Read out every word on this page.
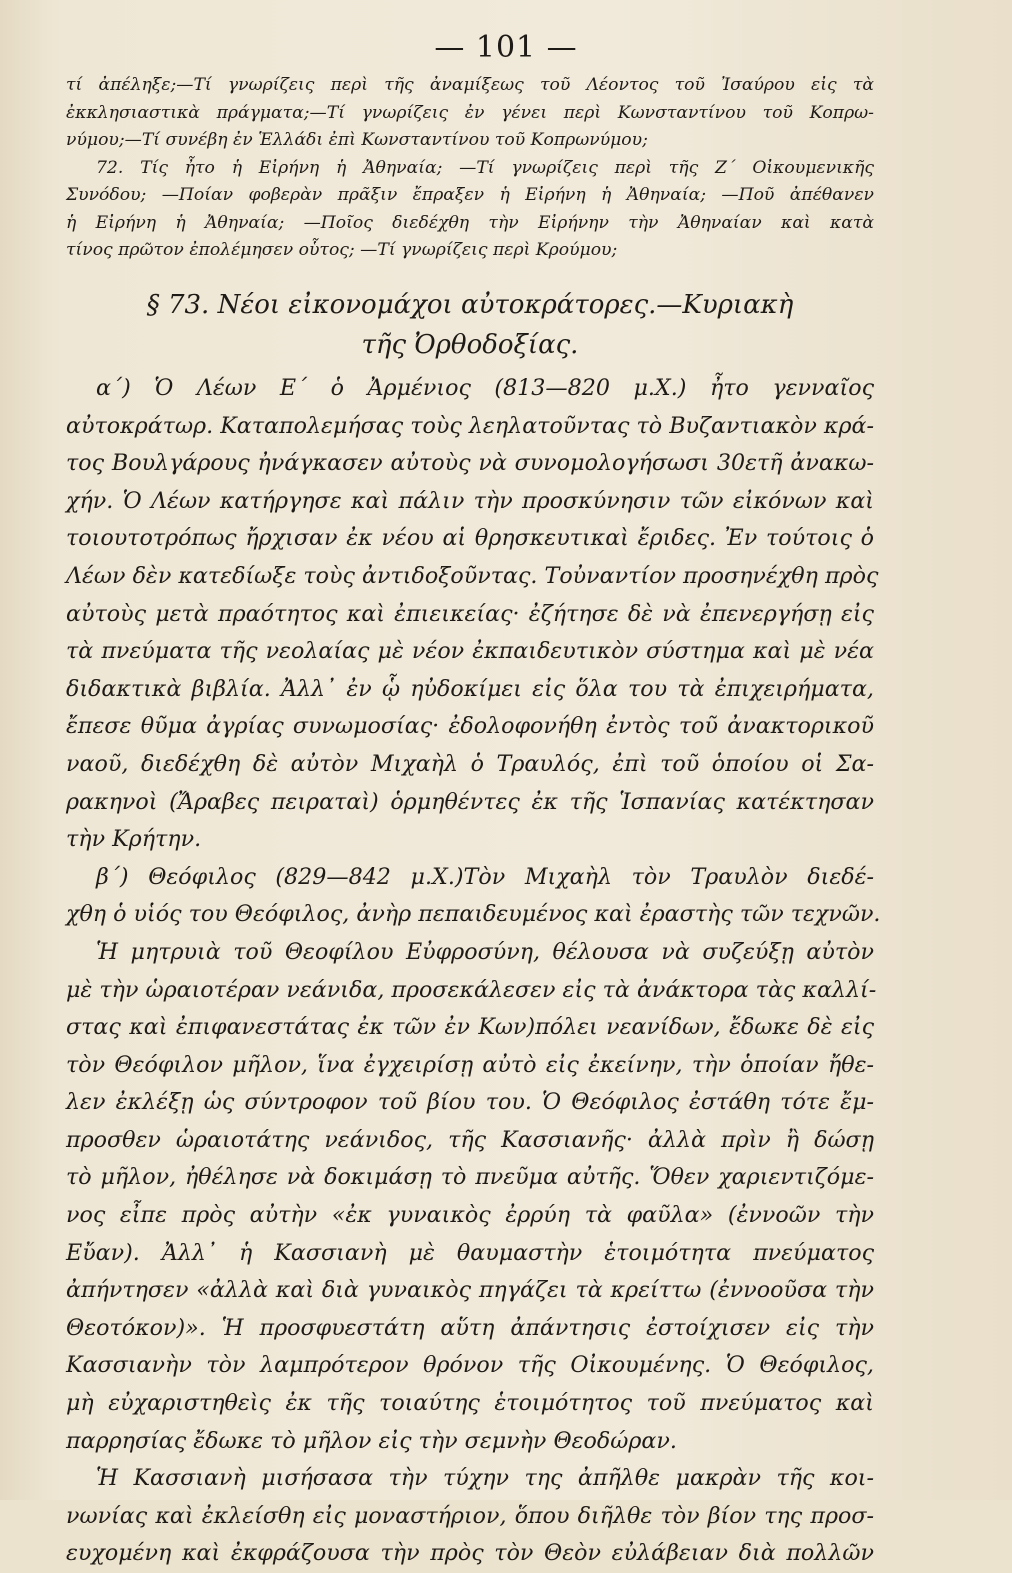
— 101 —
τί ἀπέληξε;—Τί γνωρίζεις περὶ τῆς ἀναμίξεως τοῦ Λέοντος τοῦ Ἰσαύρου εἰς τὰ
ἐκκλησιαστικὰ πράγματα;—Τί γνωρίζεις ἐν γένει περὶ Κωνσταντίνου τοῦ Κοπρω-
νύμου;—Τί συνέβη ἐν Ἑλλάδι ἐπὶ Κωνσταντίνου τοῦ Κοπρωνύμου;
72. Τίς ἦτο ἡ Εἰρήνη ἡ Ἀθηναία; —Τί γνωρίζεις περὶ τῆς Ζ΄ Οἰκουμενικῆς
Συνόδου; —Ποίαν φοβερὰν πρᾶξιν ἔπραξεν ἡ Εἰρήνη ἡ Ἀθηναία; —Ποῦ ἀπέθανεν
ἡ Εἰρήνη ἡ Ἀθηναία; —Ποῖος διεδέχθη τὴν Εἰρήνην τὴν Ἀθηναίαν καὶ κατὰ
τίνος πρῶτον ἐπολέμησεν οὗτος; —Τί γνωρίζεις περὶ Κρούμου;
§ 73. Νέοι εἰκονομάχοι αὐτοκράτορες.—Κυριακὴ
τῆς Ὀρθοδοξίας.
α΄) Ὁ Λέων Ε΄ ὁ Ἀρμένιος (813—820 μ.Χ.) ἦτο γενναῖος
αὐτοκράτωρ. Καταπολεμήσας τοὺς λεηλατοῦντας τὸ Βυζαντιακὸν κρά-
τος Βουλγάρους ἠνάγκασεν αὐτοὺς νὰ συνομολογήσωσι 30ετῆ ἀνακω-
χήν. Ὁ Λέων κατήργησε καὶ πάλιν τὴν προσκύνησιν τῶν εἰκόνων καὶ
τοιουτοτρόπως ἤρχισαν ἐκ νέου αἱ θρησκευτικαὶ ἔριδες. Ἐν τούτοις ὁ
Λέων δὲν κατεδίωξε τοὺς ἀντιδοξοῦντας. Τοὐναντίον προσηνέχθη πρὸς
αὐτοὺς μετὰ πραότητος καὶ ἐπιεικείας· ἐζήτησε δὲ νὰ ἐπενεργήσῃ εἰς
τὰ πνεύματα τῆς νεολαίας μὲ νέον ἐκπαιδευτικὸν σύστημα καὶ μὲ νέα
διδακτικὰ βιβλία. Ἀλλ᾿ ἐν ᾧ ηὐδοκίμει εἰς ὅλα του τὰ ἐπιχειρήματα,
ἔπεσε θῦμα ἀγρίας συνωμοσίας· ἐδολοφονήθη ἐντὸς τοῦ ἀνακτορικοῦ
ναοῦ, διεδέχθη δὲ αὐτὸν Μιχαὴλ ὁ Τραυλός, ἐπὶ τοῦ ὁποίου οἱ Σα-
ρακηνοὶ (Ἄραβες πειραταὶ) ὁρμηθέντες ἐκ τῆς Ἱσπανίας κατέκτησαν
τὴν Κρήτην.
β΄) Θεόφιλος (829—842 μ.Χ.)Τὸν Μιχαὴλ τὸν Τραυλὸν διεδέ-
χθη ὁ υἱός του Θεόφιλος, ἀνὴρ πεπαιδευμένος καὶ ἐραστὴς τῶν τεχνῶν.
Ἡ μητρυιὰ τοῦ Θεοφίλου Εὐφροσύνη, θέλουσα νὰ συζεύξῃ αὐτὸν
μὲ τὴν ὡραιοτέραν νεάνιδα, προσεκάλεσεν εἰς τὰ ἀνάκτορα τὰς καλλί-
στας καὶ ἐπιφανεστάτας ἐκ τῶν ἐν Κων)πόλει νεανίδων, ἔδωκε δὲ εἰς
τὸν Θεόφιλον μῆλον, ἵνα ἐγχειρίσῃ αὐτὸ εἰς ἐκείνην, τὴν ὁποίαν ἤθε-
λεν ἐκλέξῃ ὡς σύντροφον τοῦ βίου του. Ὁ Θεόφιλος ἐστάθη τότε ἔμ-
προσθεν ὡραιοτάτης νεάνιδος, τῆς Κασσιανῆς· ἀλλὰ πρὶν ἢ δώσῃ
τὸ μῆλον, ἠθέλησε νὰ δοκιμάσῃ τὸ πνεῦμα αὐτῆς. Ὅθεν χαριεντιζόμε-
νος εἶπε πρὸς αὐτὴν «ἐκ γυναικὸς ἐρρύη τὰ φαῦλα» (ἐννοῶν τὴν
Εὔαν). Ἀλλ᾿ ἡ Κασσιανὴ μὲ θαυμαστὴν ἑτοιμότητα πνεύματος
ἀπήντησεν «ἀλλὰ καὶ διὰ γυναικὸς πηγάζει τὰ κρείττω (ἐννοοῦσα τὴν
Θεοτόκον)». Ἡ προσφυεστάτη αὕτη ἀπάντησις ἐστοίχισεν εἰς τὴν
Κασσιανὴν τὸν λαμπρότερον θρόνον τῆς Οἰκουμένης. Ὁ Θεόφιλος,
μὴ εὐχαριστηθεὶς ἐκ τῆς τοιαύτης ἑτοιμότητος τοῦ πνεύματος καὶ
παρρησίας ἔδωκε τὸ μῆλον εἰς τὴν σεμνὴν Θεοδώραν.
Ἡ Κασσιανὴ μισήσασα τὴν τύχην της ἀπῆλθε μακρὰν τῆς κοι-
νωνίας καὶ ἐκλείσθη εἰς μοναστήριον, ὅπου διῆλθε τὸν βίον της προσ-
ευχομένη καὶ ἐκφράζουσα τὴν πρὸς τὸν Θεὸν εὐλάβειαν διὰ πολλῶν
